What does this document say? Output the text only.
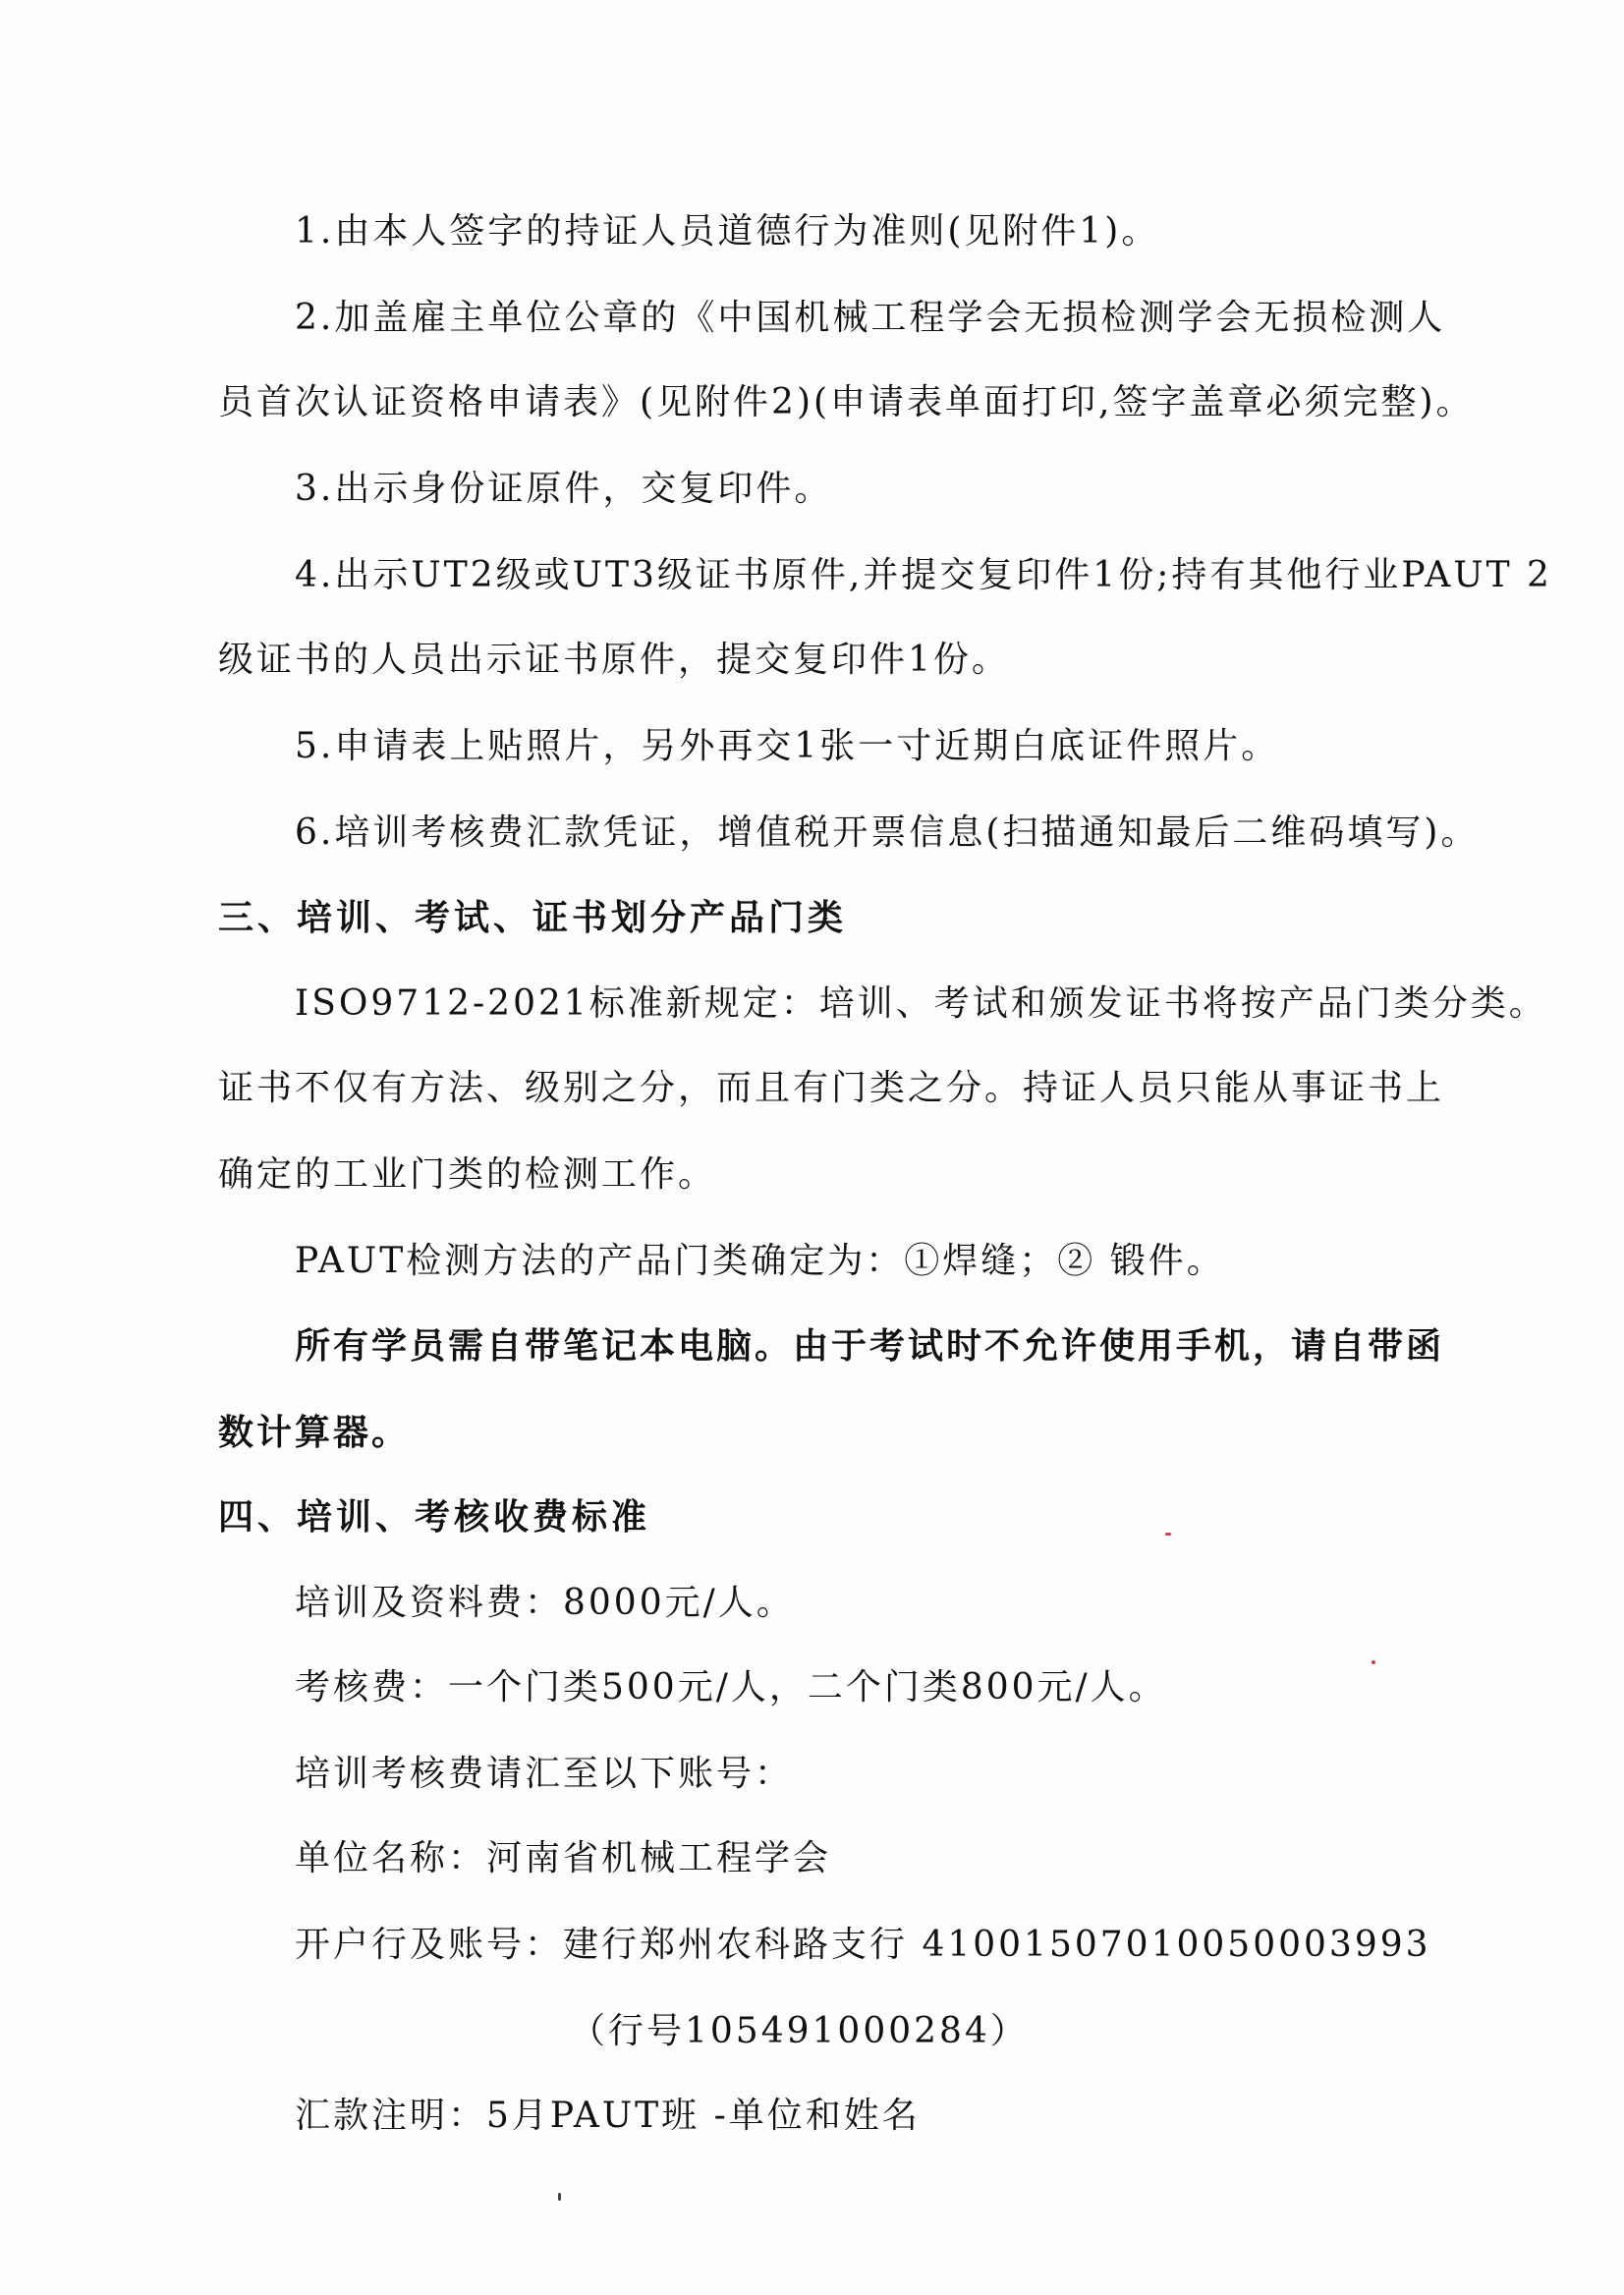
1.由本人签字的持证人员道德行为准则(见附件1)。
2.加盖雇主单位公章的《中国机械工程学会无损检测学会无损检测人
员首次认证资格申请表》(见附件2)(申请表单面打印,签字盖章必须完整)。
3.出示身份证原件，交复印件。
4.出示UT2级或UT3级证书原件,并提交复印件1份;持有其他行业PAUT 2
级证书的人员出示证书原件，提交复印件1份。
5.申请表上贴照片，另外再交1张一寸近期白底证件照片。
6.培训考核费汇款凭证，增值税开票信息(扫描通知最后二维码填写)。
三、培训、考试、证书划分产品门类
ISO9712-2021标准新规定：培训、考试和颁发证书将按产品门类分类。
证书不仅有方法、级别之分，而且有门类之分。持证人员只能从事证书上
确定的工业门类的检测工作。
PAUT检测方法的产品门类确定为：①焊缝；② 锻件。
所有学员需自带笔记本电脑。由于考试时不允许使用手机，请自带函
数计算器。
四、培训、考核收费标准
培训及资料费：8000元/人。
考核费：一个门类500元/人，二个门类800元/人。
培训考核费请汇至以下账号：
单位名称：河南省机械工程学会
开户行及账号：建行郑州农科路支行 41001507010050003993
（行号105491000284）
汇款注明：5月PAUT班 -单位和姓名
